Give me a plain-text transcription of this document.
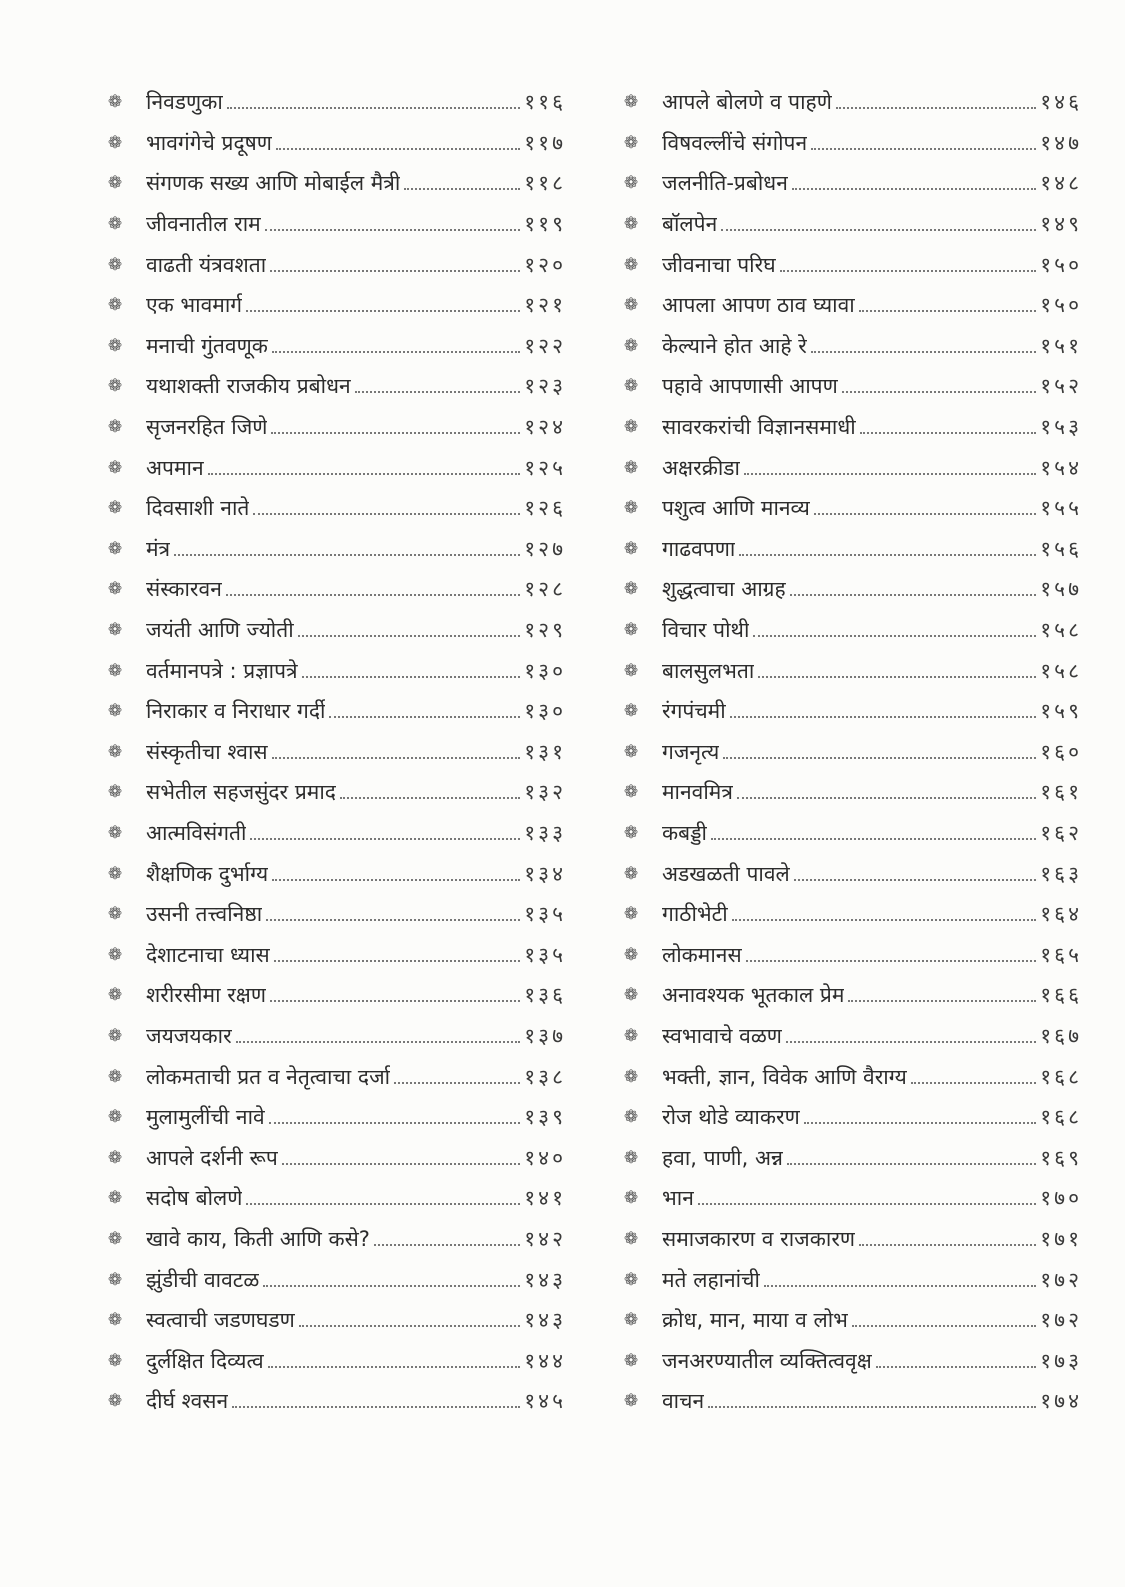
❁ निवडणुका	११६
❁ भावगंगेचे प्रदूषण	११७
❁ संगणक सख्य आणि मोबाईल मैत्री	११८
❁ जीवनातील राम	११९
❁ वाढती यंत्रवशता	१२०
❁ एक भावमार्ग	१२१
❁ मनाची गुंतवणूक	१२२
❁ यथाशक्ती राजकीय प्रबोधन	१२३
❁ सृजनरहित जिणे	१२४
❁ अपमान	१२५
❁ दिवसाशी नाते	१२६
❁ मंत्र	१२७
❁ संस्कारवन	१२८
❁ जयंती आणि ज्योती	१२९
❁ वर्तमानपत्रे : प्रज्ञापत्रे	१३०
❁ निराकार व निराधार गर्दी	१३०
❁ संस्कृतीचा श्वास	१३१
❁ सभेतील सहजसुंदर प्रमाद	१३२
❁ आत्मविसंगती	१३३
❁ शैक्षणिक दुर्भाग्य	१३४
❁ उसनी तत्त्वनिष्ठा	१३५
❁ देशाटनाचा ध्यास	१३५
❁ शरीरसीमा रक्षण	१३६
❁ जयजयकार	१३७
❁ लोकमताची प्रत व नेतृत्वाचा दर्जा	१३८
❁ मुलामुलींची नावे	१३९
❁ आपले दर्शनी रूप	१४०
❁ सदोष बोलणे	१४१
❁ खावे काय, किती आणि कसे?	१४२
❁ झुंडीची वावटळ	१४३
❁ स्वत्वाची जडणघडण	१४३
❁ दुर्लक्षित दिव्यत्व	१४४
❁ दीर्घ श्वसन	१४५
❁ आपले बोलणे व पाहणे	१४६
❁ विषवल्लींचे संगोपन	१४७
❁ जलनीति-प्रबोधन	१४८
❁ बॉलपेन	१४९
❁ जीवनाचा परिघ	१५०
❁ आपला आपण ठाव घ्यावा	१५०
❁ केल्याने होत आहे रे	१५१
❁ पहावे आपणासी आपण	१५२
❁ सावरकरांची विज्ञानसमाधी	१५३
❁ अक्षरक्रीडा	१५४
❁ पशुत्व आणि मानव्य	१५५
❁ गाढवपणा	१५६
❁ शुद्धत्वाचा आग्रह	१५७
❁ विचार पोथी	१५८
❁ बालसुलभता	१५८
❁ रंगपंचमी	१५९
❁ गजनृत्य	१६०
❁ मानवमित्र	१६१
❁ कबड्डी	१६२
❁ अडखळती पावले	१६३
❁ गाठीभेटी	१६४
❁ लोकमानस	१६५
❁ अनावश्यक भूतकाल प्रेम	१६६
❁ स्वभावाचे वळण	१६७
❁ भक्ती, ज्ञान, विवेक आणि वैराग्य	१६८
❁ रोज थोडे व्याकरण	१६८
❁ हवा, पाणी, अन्न	१६९
❁ भान	१७०
❁ समाजकारण व राजकारण	१७१
❁ मते लहानांची	१७२
❁ क्रोध, मान, माया व लोभ	१७२
❁ जनअरण्यातील व्यक्तित्ववृक्ष	१७३
❁ वाचन	१७४
